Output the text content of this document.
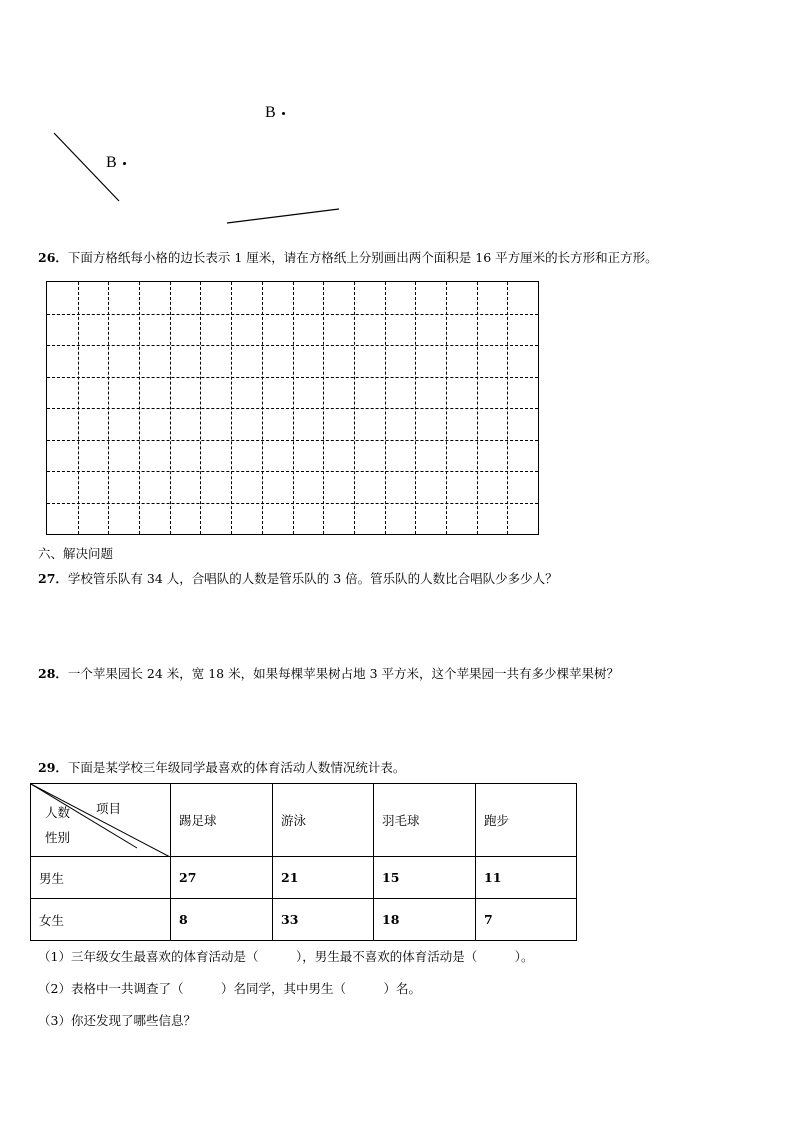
B
B
26．下面方格纸每小格的边长表示 1 厘米，请在方格纸上分别画出两个面积是 16 平方厘米的长方形和正方形。
六、解决问题
27．学校管乐队有 34 人，合唱队的人数是管乐队的 3 倍。管乐队的人数比合唱队少多少人？
28．一个苹果园长 24 米，宽 18 米，如果每棵苹果树占地 3 平方米，这个苹果园一共有多少棵苹果树？
29．下面是某学校三年级同学最喜欢的体育活动人数情况统计表。
项目
人数
性别	踢足球	游泳	羽毛球	跑步
男生	27	21	15	11
女生	8	33	18	7
（1）三年级女生最喜欢的体育活动是（　　　），男生最不喜欢的体育活动是（　　　）。
（2）表格中一共调查了（　　　）名同学，其中男生（　　　）名。
（3）你还发现了哪些信息？
